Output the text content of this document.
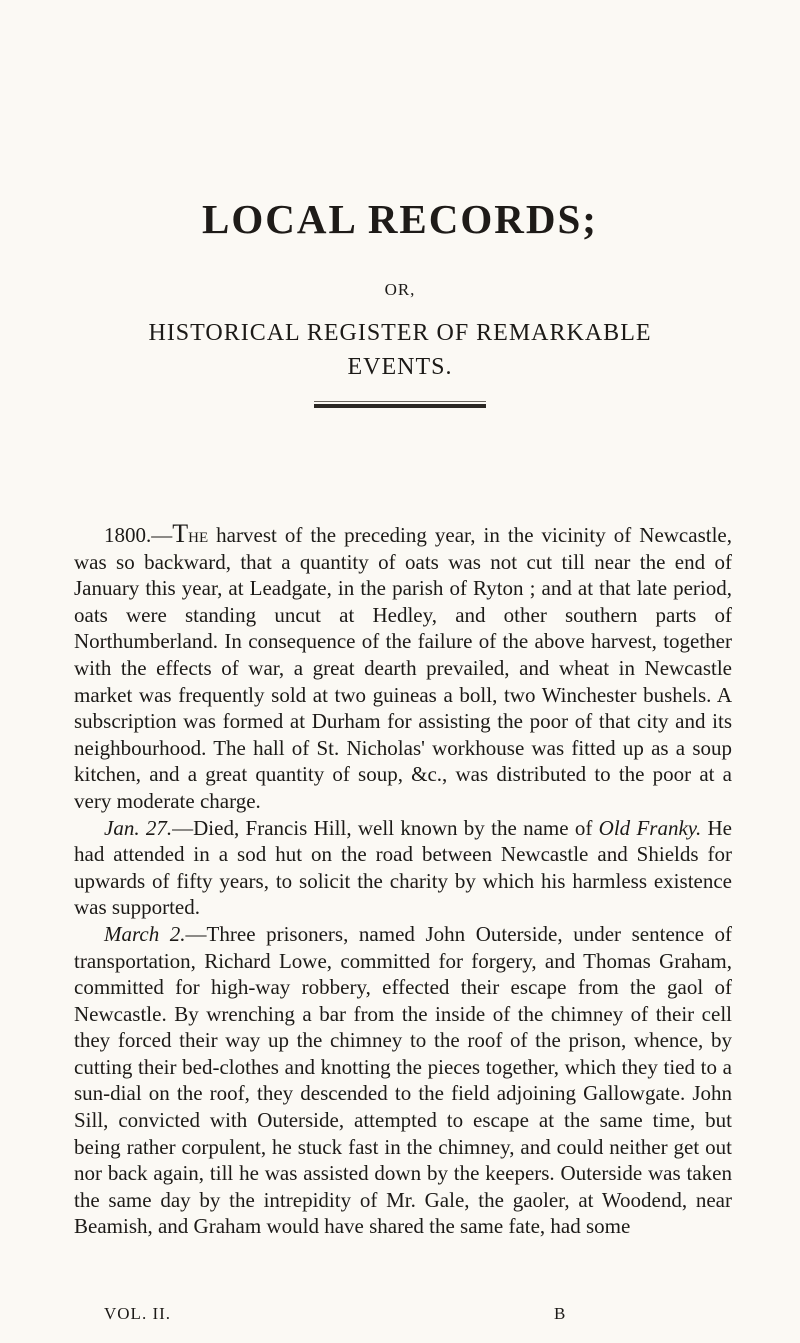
LOCAL RECORDS;
OR,
HISTORICAL REGISTER OF REMARKABLE
EVENTS.

1800.—The harvest of the preceding year, in the vicinity of Newcastle, was so backward, that a quantity of oats was not cut till near the end of January this year, at Leadgate, in the parish of Ryton ; and at that late period, oats were standing uncut at Hedley, and other southern parts of Northumberland. In consequence of the failure of the above harvest, together with the effects of war, a great dearth prevailed, and wheat in Newcastle market was frequently sold at two guineas a boll, two Winchester bushels. A subscription was formed at Durham for assisting the poor of that city and its neighbourhood. The hall of St. Nicholas' workhouse was fitted up as a soup kitchen, and a great quantity of soup, &c., was distributed to the poor at a very moderate charge.

Jan. 27.—Died, Francis Hill, well known by the name of Old Franky. He had attended in a sod hut on the road between Newcastle and Shields for upwards of fifty years, to solicit the charity by which his harmless existence was supported.

March 2.—Three prisoners, named John Outerside, under sentence of transportation, Richard Lowe, committed for forgery, and Thomas Graham, committed for high-way robbery, effected their escape from the gaol of Newcastle. By wrenching a bar from the inside of the chimney of their cell they forced their way up the chimney to the roof of the prison, whence, by cutting their bed-clothes and knotting the pieces together, which they tied to a sun-dial on the roof, they descended to the field adjoining Gallowgate. John Sill, convicted with Outerside, attempted to escape at the same time, but being rather corpulent, he stuck fast in the chimney, and could neither get out nor back again, till he was assisted down by the keepers. Outerside was taken the same day by the intrepidity of Mr. Gale, the gaoler, at Woodend, near Beamish, and Graham would have shared the same fate, had some

VOL. II.	B
